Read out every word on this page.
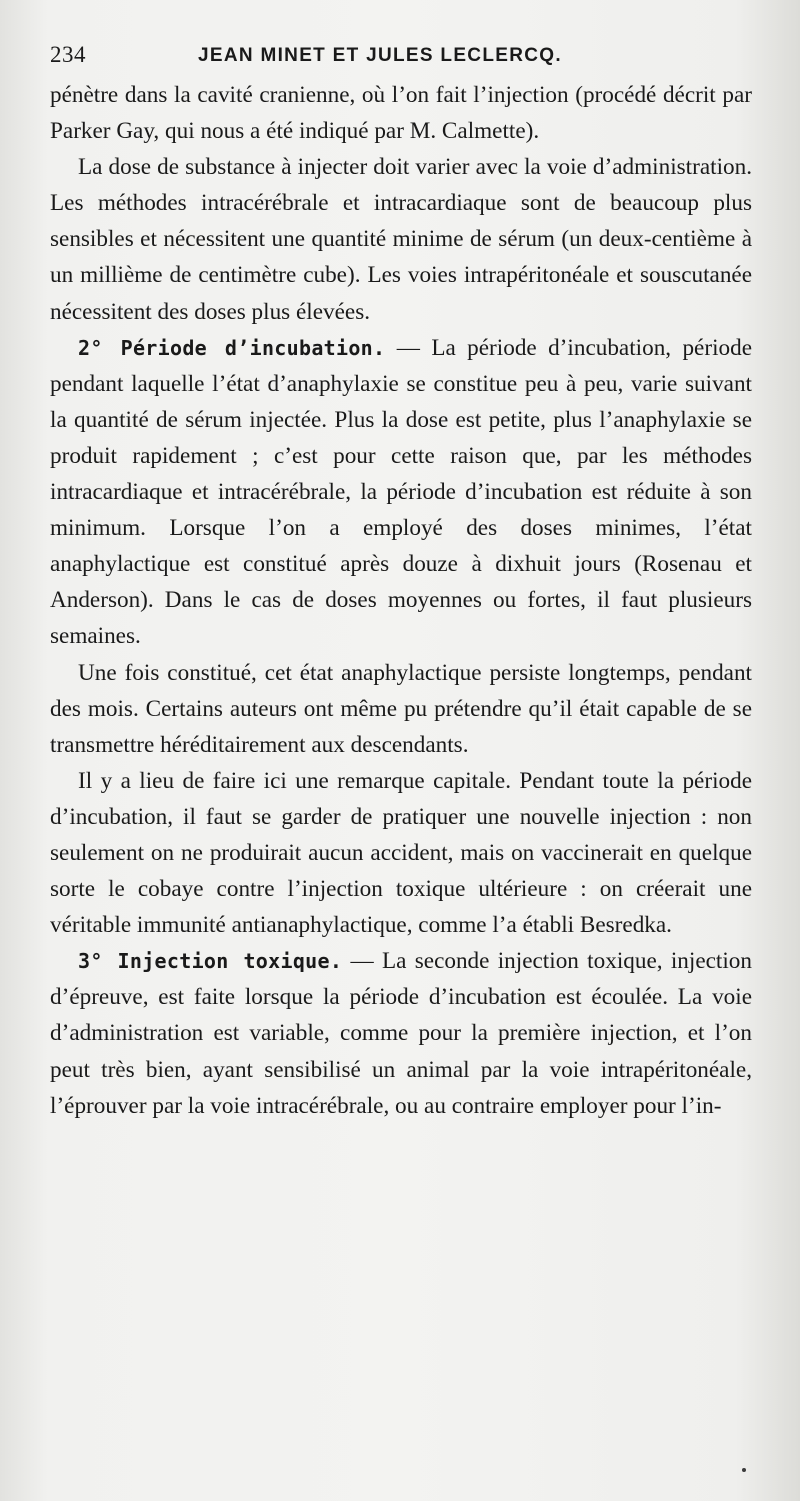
234	JEAN MINET ET JULES LECLERCQ.

pénètre dans la cavité cranienne, où l’on fait l’injection (procédé décrit par Parker Gay, qui nous a été indiqué par M. Calmette).

La dose de substance à injecter doit varier avec la voie d’administration. Les méthodes intracérébrale et intracardiaque sont de beaucoup plus sensibles et nécessitent une quantité minime de sérum (un deux-centième à un millième de centimètre cube). Les voies intrapéritonéale et souscutanée nécessitent des doses plus élevées.

2° Période d’incubation. — La période d’incubation, période pendant laquelle l’état d’anaphylaxie se constitue peu à peu, varie suivant la quantité de sérum injectée. Plus la dose est petite, plus l’anaphylaxie se produit rapidement ; c’est pour cette raison que, par les méthodes intracardiaque et intracérébrale, la période d’incubation est réduite à son minimum. Lorsque l’on a employé des doses minimes, l’état anaphylactique est constitué après douze à dixhuit jours (Rosenau et Anderson). Dans le cas de doses moyennes ou fortes, il faut plusieurs semaines.

Une fois constitué, cet état anaphylactique persiste longtemps, pendant des mois. Certains auteurs ont même pu prétendre qu’il était capable de se transmettre héréditairement aux descendants.

Il y a lieu de faire ici une remarque capitale. Pendant toute la période d’incubation, il faut se garder de pratiquer une nouvelle injection : non seulement on ne produirait aucun accident, mais on vaccinerait en quelque sorte le cobaye contre l’injection toxique ultérieure : on créerait une véritable immunité antianaphylactique, comme l’a établi Besredka.

3° Injection toxique. — La seconde injection toxique, injection d’épreuve, est faite lorsque la période d’incubation est écoulée. La voie d’administration est variable, comme pour la première injection, et l’on peut très bien, ayant sensibilisé un animal par la voie intrapéritonéale, l’éprouver par la voie intracérébrale, ou au contraire employer pour l’in-
